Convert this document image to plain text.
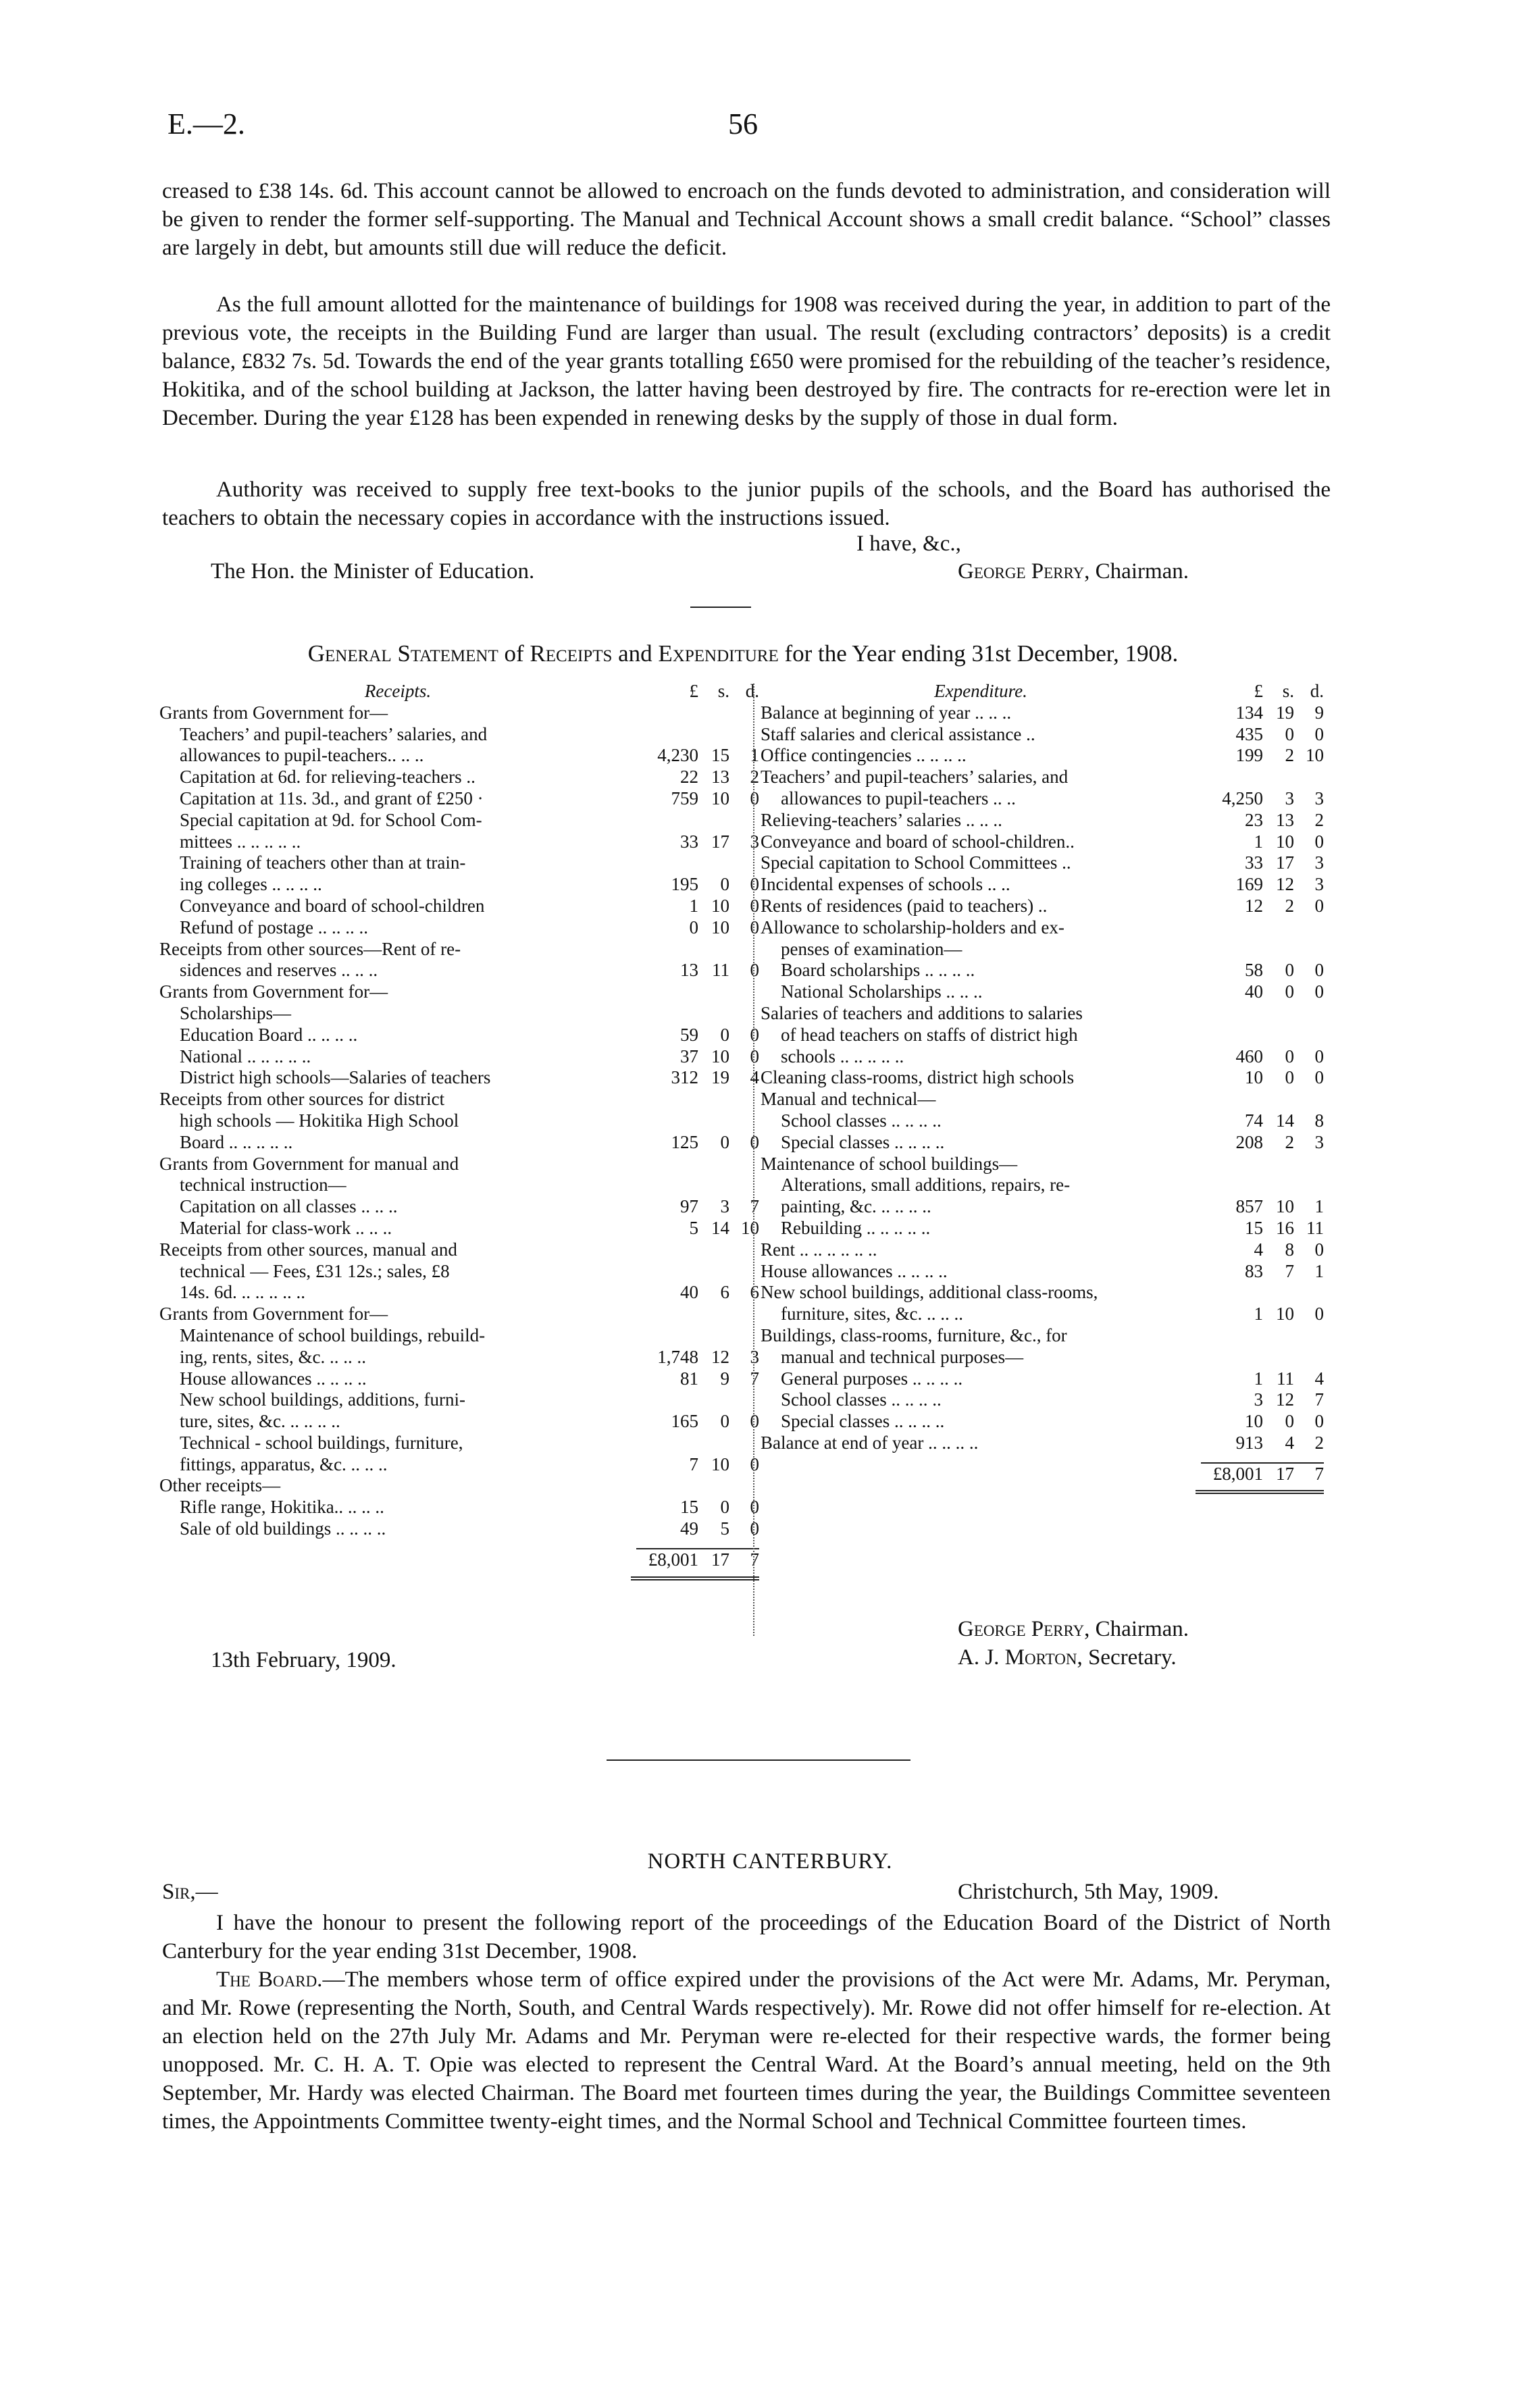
E.—2.	56

creased to £38 14s. 6d. This account cannot be allowed to encroach on the funds devoted to administration, and consideration will be given to render the former self-supporting. The Manual and Technical Account shows a small credit balance. “School” classes are largely in debt, but amounts still due will reduce the deficit.

As the full amount allotted for the maintenance of buildings for 1908 was received during the year, in addition to part of the previous vote, the receipts in the Building Fund are larger than usual. The result (excluding contractors’ deposits) is a credit balance, £832 7s. 5d. Towards the end of the year grants totalling £650 were promised for the rebuilding of the teacher’s residence, Hokitika, and of the school building at Jackson, the latter having been destroyed by fire. The contracts for re-erection were let in December. During the year £128 has been expended in renewing desks by the supply of those in dual form.

Authority was received to supply free text-books to the junior pupils of the schools, and the Board has authorised the teachers to obtain the necessary copies in accordance with the instructions issued.

I have, &c.,
The Hon. the Minister of Education.	George Perry, Chairman.
General Statement of Receipts and Expenditure for the Year ending 31st December, 1908.
Receipts.	£	s. d.
Grants from Government for—
Teachers’ and pupil-teachers’ salaries, and
allowances to pupil-teachers.. .. ..	4,230 15	1
Capitation at 6d. for relieving-teachers ..	22 13	2
Capitation at 11s. 3d., and grant of £250 ·	759 10	0
Special capitation at 9d. for School Com-
mittees .. .. .. .. ..	33 17	3
Training of teachers other than at train-
ing colleges .. .. .. ..	195	0	0
Conveyance and board of school-children	1 10	0
Refund of postage .. .. .. ..	0 10	0
Receipts from other sources—Rent of re-
sidences and reserves .. .. ..	13 11	0
Grants from Government for—
Scholarships—
Education Board .. .. .. ..	59	0	0
National .. .. .. .. ..	37 10	0
District high schools—Salaries of teachers	312 19	4
Receipts from other sources for district
high schools — Hokitika High School
Board .. .. .. .. ..	125	0	0
Grants from Government for manual and
technical instruction—
Capitation on all classes .. .. ..	97	3	7
Material for class-work .. .. ..	5 14 10
Receipts from other sources, manual and
technical — Fees, £31 12s.; sales, £8
14s. 6d. .. .. .. .. ..	40	6	6
Grants from Government for—
Maintenance of school buildings, rebuild-
ing, rents, sites, &c. .. .. ..	1,748 12	3
House allowances .. .. .. ..	81	9	7
New school buildings, additions, furni-
ture, sites, &c. .. .. .. ..	165	0	0
Technical - school buildings, furniture,
fittings, apparatus, &c. .. .. ..	7 10	0
Other receipts—
Rifle range, Hokitika.. .. .. ..	15	0	0
Sale of old buildings .. .. .. ..	49	5	0
£8,001 17	7
Expenditure.	£	s. d.
Balance at beginning of year .. .. ..	134 19	9
Staff salaries and clerical assistance ..	435	0	0
Office contingencies .. .. .. ..	199	2 10
Teachers’ and pupil-teachers’ salaries, and
allowances to pupil-teachers .. ..	4,250	3	3
Relieving-teachers’ salaries .. .. ..	23 13	2
Conveyance and board of school-children..	1 10	0
Special capitation to School Committees ..	33 17	3
Incidental expenses of schools .. ..	169 12	3
Rents of residences (paid to teachers) ..	12	2	0
Allowance to scholarship-holders and ex-
penses of examination—
Board scholarships .. .. .. ..	58	0	0
National Scholarships .. .. ..	40	0	0
Salaries of teachers and additions to salaries
of head teachers on staffs of district high
schools .. .. .. .. ..	460	0	0
Cleaning class-rooms, district high schools	10	0	0
Manual and technical—
School classes .. .. .. ..	74 14	8
Special classes .. .. .. ..	208	2	3
Maintenance of school buildings—
Alterations, small additions, repairs, re-
painting, &c. .. .. .. ..	857 10	1
Rebuilding .. .. .. .. ..	15 16 11
Rent .. .. .. .. .. ..	4	8	0
House allowances .. .. .. ..	83	7	1
New school buildings, additional class-rooms,
furniture, sites, &c. .. .. ..	1 10	0
Buildings, class-rooms, furniture, &c., for
manual and technical purposes—
General purposes .. .. .. ..	1 11	4
School classes .. .. .. ..	3 12	7
Special classes .. .. .. ..	10	0	0
Balance at end of year .. .. .. ..	913	4	2
£8,001 17	7
13th February, 1909.
George Perry, Chairman.
A. J. Morton, Secretary.
NORTH CANTERBURY.
Sir,—	Christchurch, 5th May, 1909.

I have the honour to present the following report of the proceedings of the Education Board of the District of North Canterbury for the year ending 31st December, 1908.

The Board.—The members whose term of office expired under the provisions of the Act were Mr. Adams, Mr. Peryman, and Mr. Rowe (representing the North, South, and Central Wards respectively). Mr. Rowe did not offer himself for re-election. At an election held on the 27th July Mr. Adams and Mr. Peryman were re-elected for their respective wards, the former being unopposed. Mr. C. H. A. T. Opie was elected to represent the Central Ward. At the Board’s annual meeting, held on the 9th September, Mr. Hardy was elected Chairman. The Board met fourteen times during the year, the Buildings Committee seventeen times, the Appointments Committee twenty-eight times, and the Normal School and Technical Committee fourteen times.
